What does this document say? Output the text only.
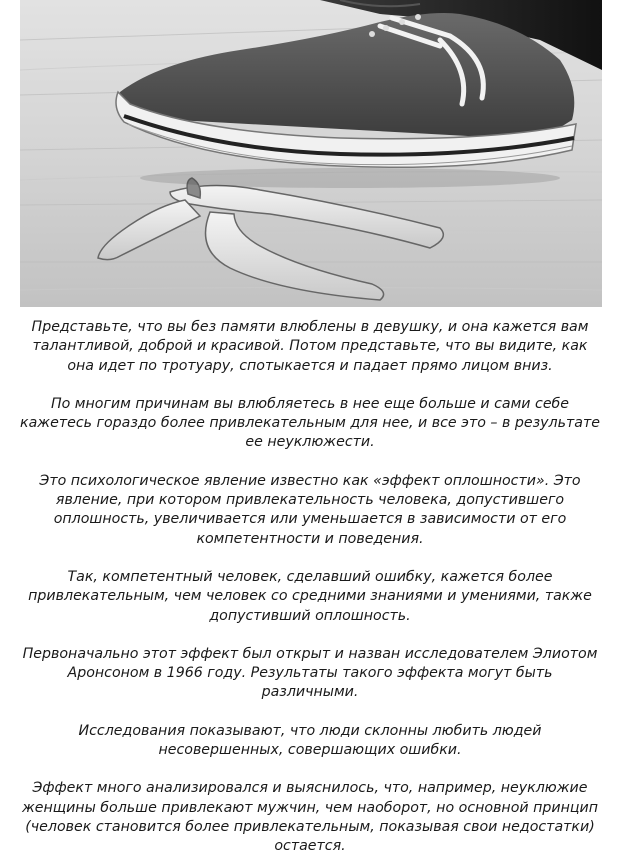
Представьте, что вы без памяти влюблены в девушку, и она кажется вам талантливой, доброй и красивой. Потом представьте, что вы видите, как она идет по тротуару, спотыкается и падает прямо лицом вниз.

По многим причинам вы влюбляетесь в нее еще больше и сами себе кажетесь гораздо более привлекательным для нее, и все это – в результате ее неуклюжести.

Это психологическое явление известно как «эффект оплошности». Это явление, при котором привлекательность человека, допустившего оплошность, увеличивается или уменьшается в зависимости от его компетентности и поведения.

Так, компетентный человек, сделавший ошибку, кажется более привлекательным, чем человек со средними знаниями и умениями, также допустивший оплошность.

Первоначально этот эффект был открыт и назван исследователем Элиотом Аронсоном в 1966 году. Результаты такого эффекта могут быть различными.

Исследования показывают, что люди склонны любить людей несовершенных, совершающих ошибки.

Эффект много анализировался и выяснилось, что, например, неуклюжие женщины больше привлекают мужчин, чем наоборот, но основной принцип (человек становится более привлекательным, показывая свои недостатки) остается.
